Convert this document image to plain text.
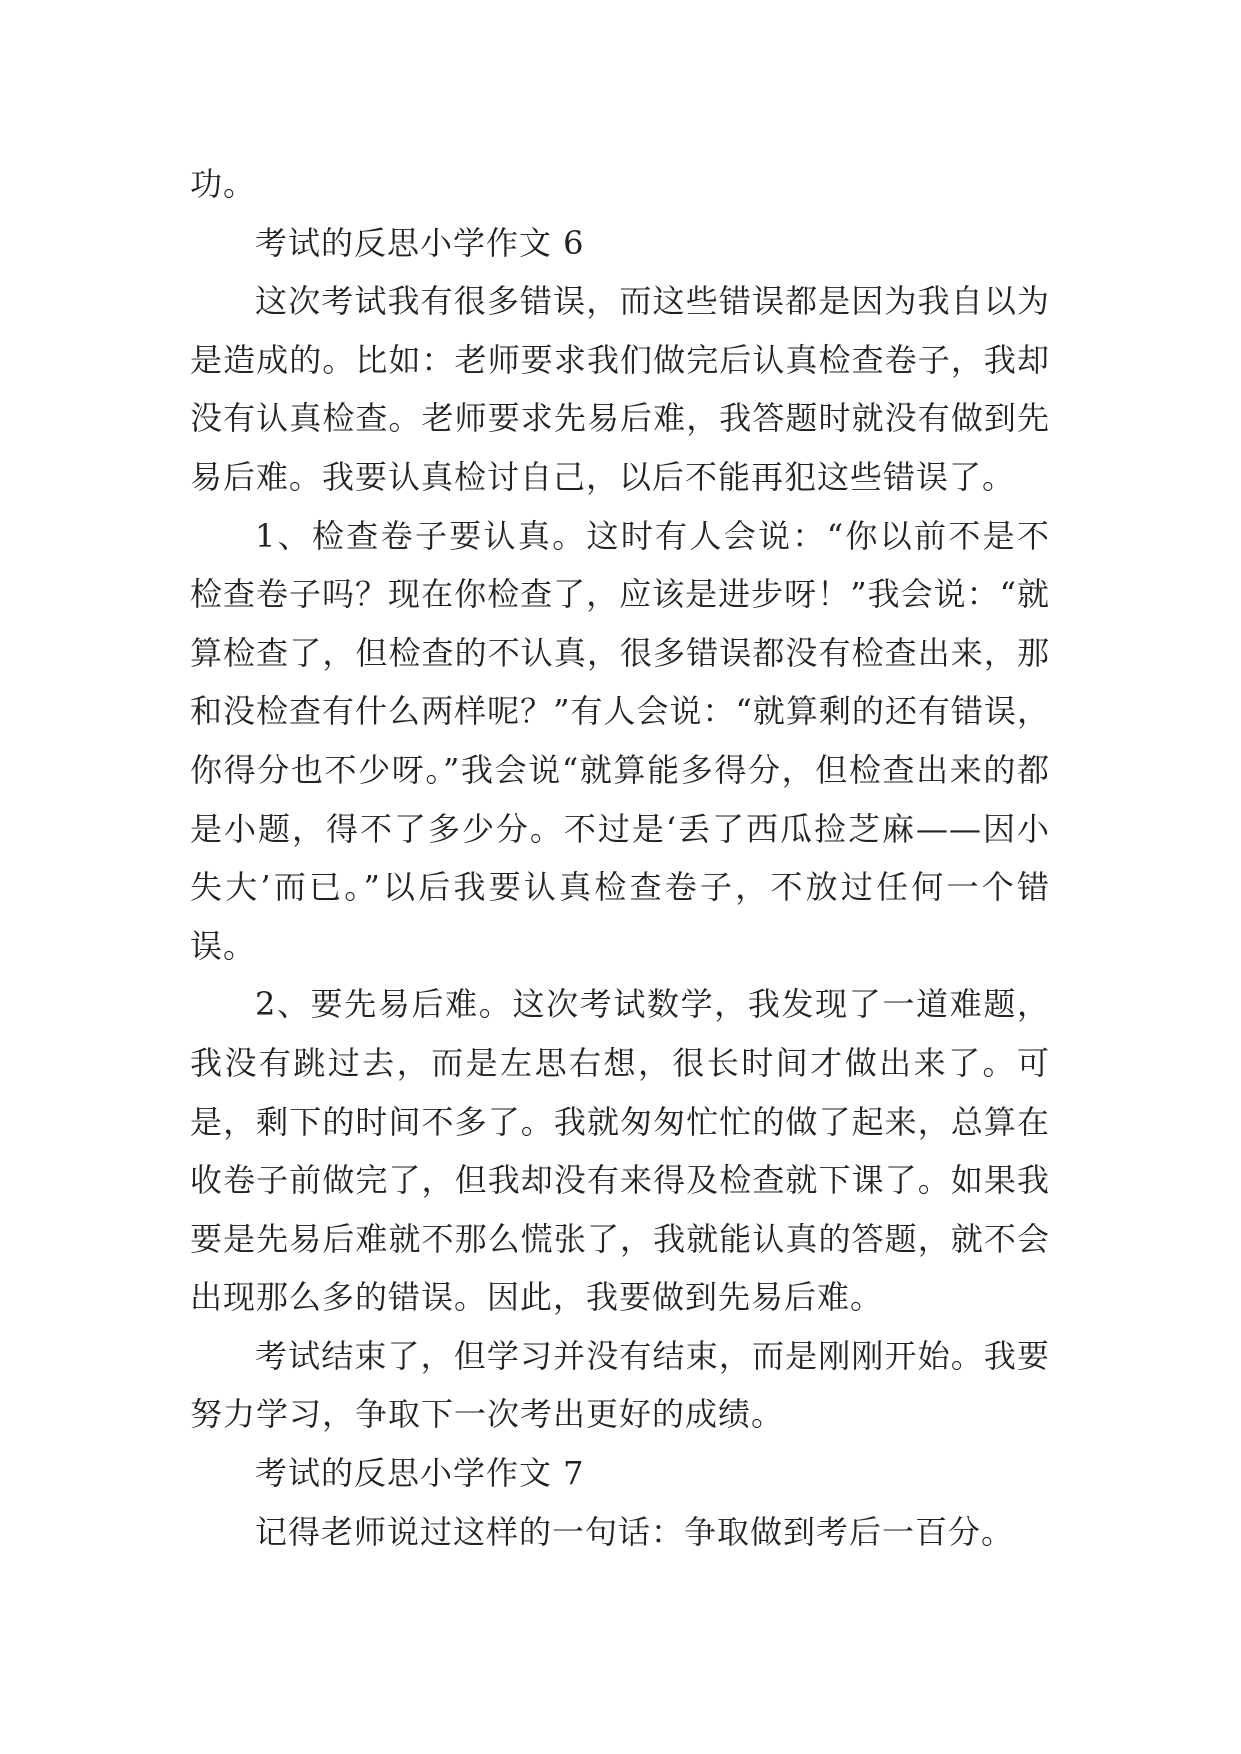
功。

考试的反思小学作文 6

这次考试我有很多错误，而这些错误都是因为我自以为是造成的。比如：老师要求我们做完后认真检查卷子，我却没有认真检查。老师要求先易后难，我答题时就没有做到先易后难。我要认真检讨自己，以后不能再犯这些错误了。

1、检查卷子要认真。这时有人会说：“你以前不是不检查卷子吗？现在你检查了，应该是进步呀！”我会说：“就算检查了，但检查的不认真，很多错误都没有检查出来，那和没检查有什么两样呢？”有人会说：“就算剩的还有错误，你得分也不少呀。”我会说“就算能多得分，但检查出来的都是小题，得不了多少分。不过是‘丢了西瓜捡芝麻——因小失大’而已。”以后我要认真检查卷子，不放过任何一个错误。

2、要先易后难。这次考试数学，我发现了一道难题，我没有跳过去，而是左思右想，很长时间才做出来了。可是，剩下的时间不多了。我就匆匆忙忙的做了起来，总算在收卷子前做完了，但我却没有来得及检查就下课了。如果我要是先易后难就不那么慌张了，我就能认真的答题，就不会出现那么多的错误。因此，我要做到先易后难。

考试结束了，但学习并没有结束，而是刚刚开始。我要努力学习，争取下一次考出更好的成绩。

考试的反思小学作文 7

记得老师说过这样的一句话：争取做到考后一百分。
